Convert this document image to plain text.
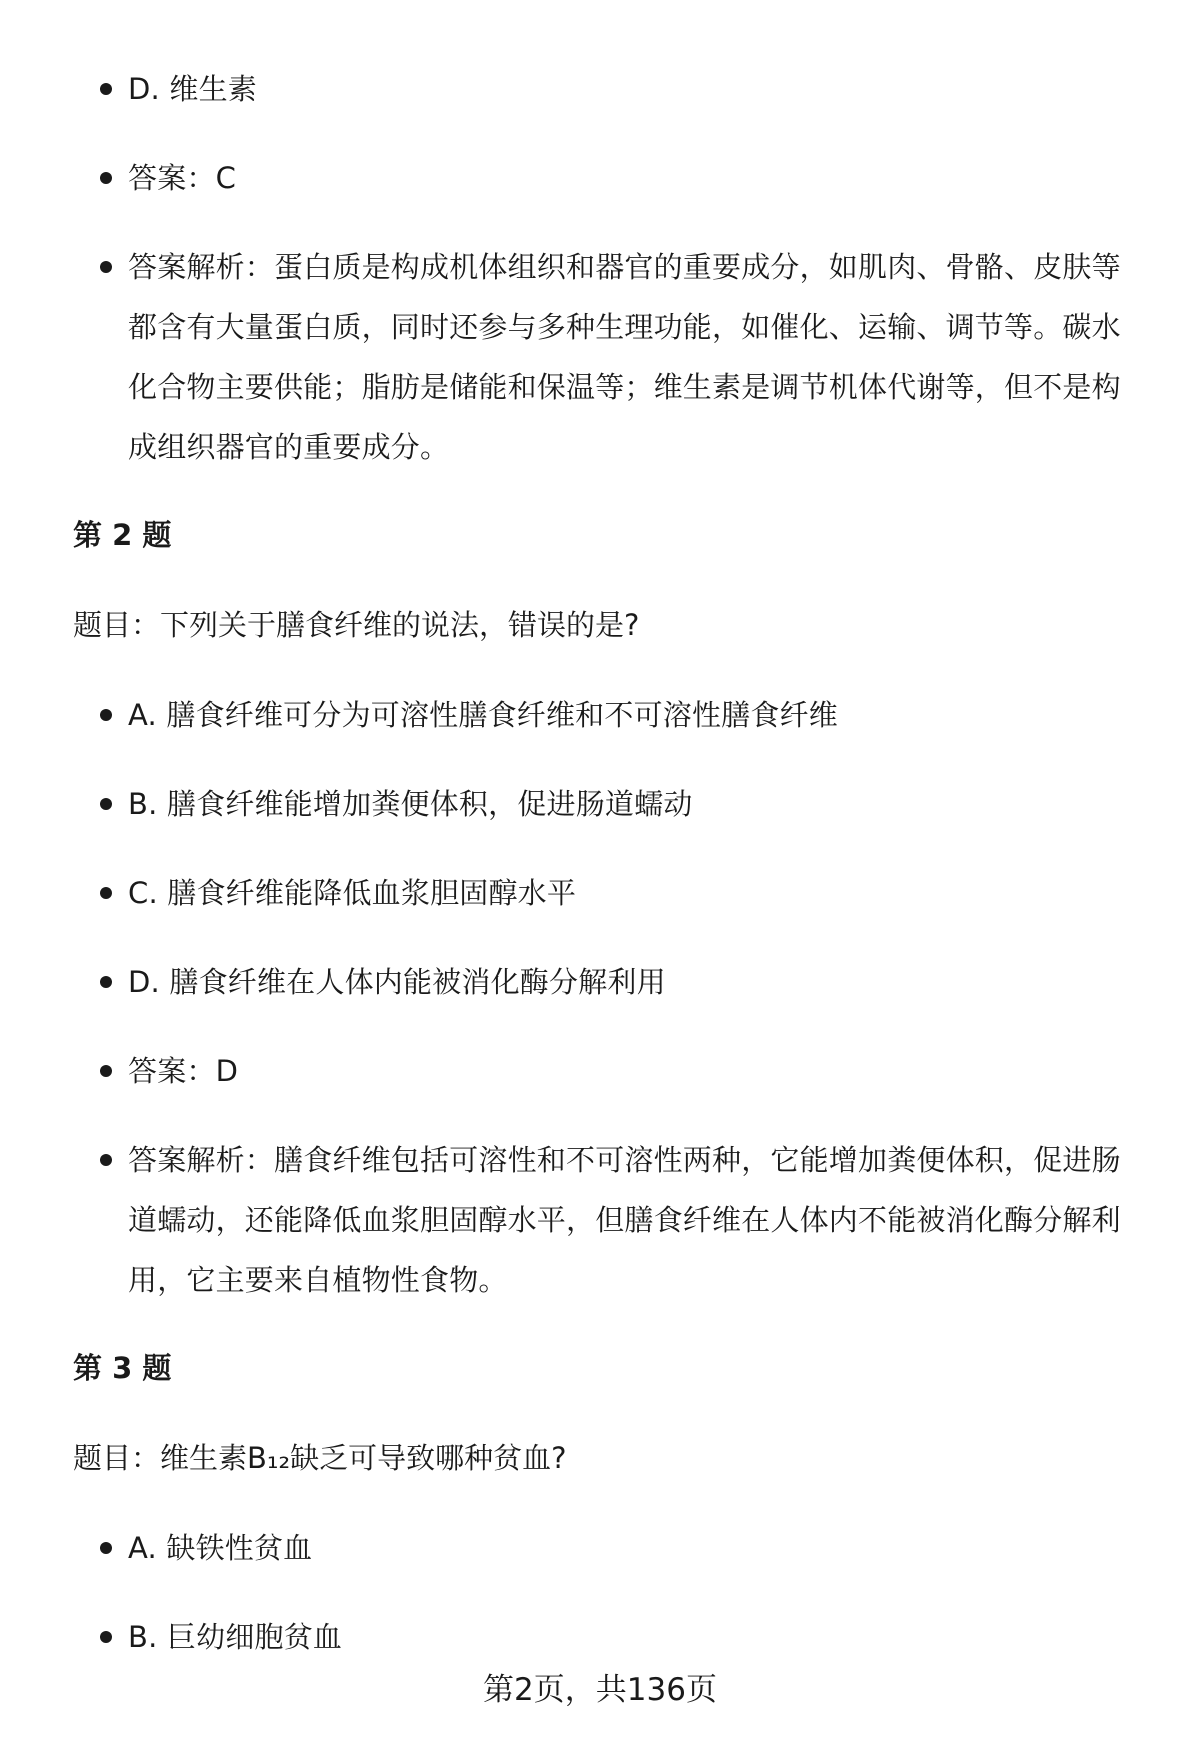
D. 维生素
答案：C
答案解析：蛋白质是构成机体组织和器官的重要成分，如肌肉、骨骼、皮肤等都含有大量蛋白质，同时还参与多种生理功能，如催化、运输、调节等。碳水化合物主要供能；脂肪是储能和保温等；维生素是调节机体代谢等，但不是构成组织器官的重要成分。
第 2 题
题目：下列关于膳食纤维的说法，错误的是?
A. 膳食纤维可分为可溶性膳食纤维和不可溶性膳食纤维
B. 膳食纤维能增加粪便体积，促进肠道蠕动
C. 膳食纤维能降低血浆胆固醇水平
D. 膳食纤维在人体内能被消化酶分解利用
答案：D
答案解析：膳食纤维包括可溶性和不可溶性两种，它能增加粪便体积，促进肠道蠕动，还能降低血浆胆固醇水平，但膳食纤维在人体内不能被消化酶分解利用，它主要来自植物性食物。
第 3 题
题目：维生素B₁₂缺乏可导致哪种贫血?
A. 缺铁性贫血
B. 巨幼细胞贫血
第2页，共136页
